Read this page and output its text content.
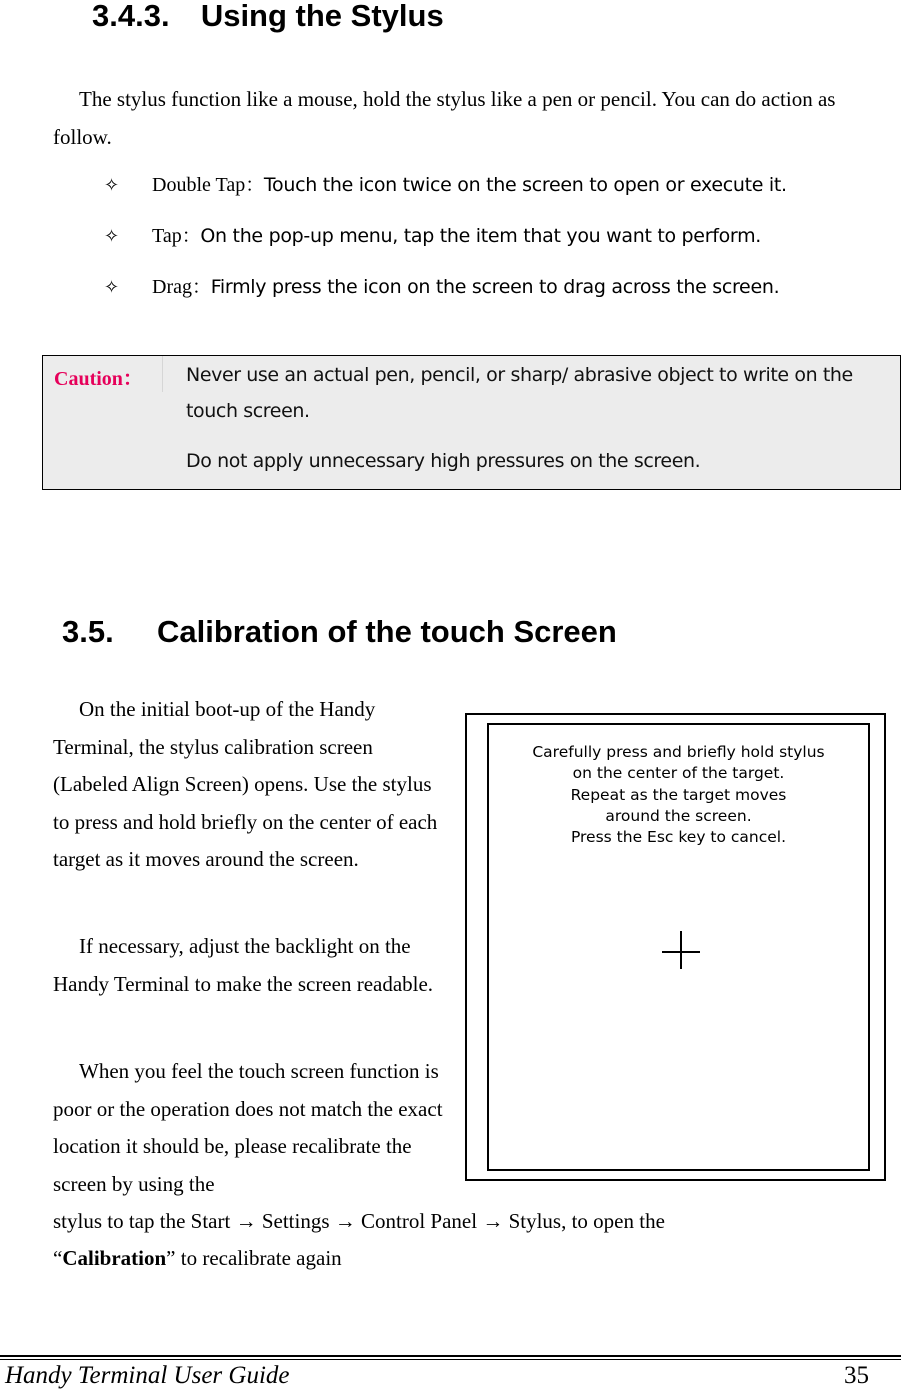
3.4.3. Using the Stylus

The stylus function like a mouse, hold the stylus like a pen or pencil. You can do action as follow.

✧ Double Tap：Touch the icon twice on the screen to open or execute it.
✧ Tap：On the pop-up menu, tap the item that you want to perform.
✧ Drag：Firmly press the icon on the screen to drag across the screen.
Caution： Never use an actual pen, pencil, or sharp/ abrasive object to write on the
touch screen.
Do not apply unnecessary high pressures on the screen.
3.5. Calibration of the touch Screen

On the initial boot-up of the Handy Terminal, the stylus calibration screen (Labeled Align Screen) opens. Use the stylus to press and hold briefly on the center of each target as it moves around the screen.

If necessary, adjust the backlight on the Handy Terminal to make the screen readable.

When you feel the touch screen function is poor or the operation does not match the exact location it should be, please recalibrate the screen by using the

stylus to tap the Start → Settings → Control Panel → Stylus, to open the
“Calibration” to recalibrate again
Carefully press and briefly hold stylus
on the center of the target.
Repeat as the target moves
around the screen.
Press the Esc key to cancel.
Handy Terminal User Guide	35
